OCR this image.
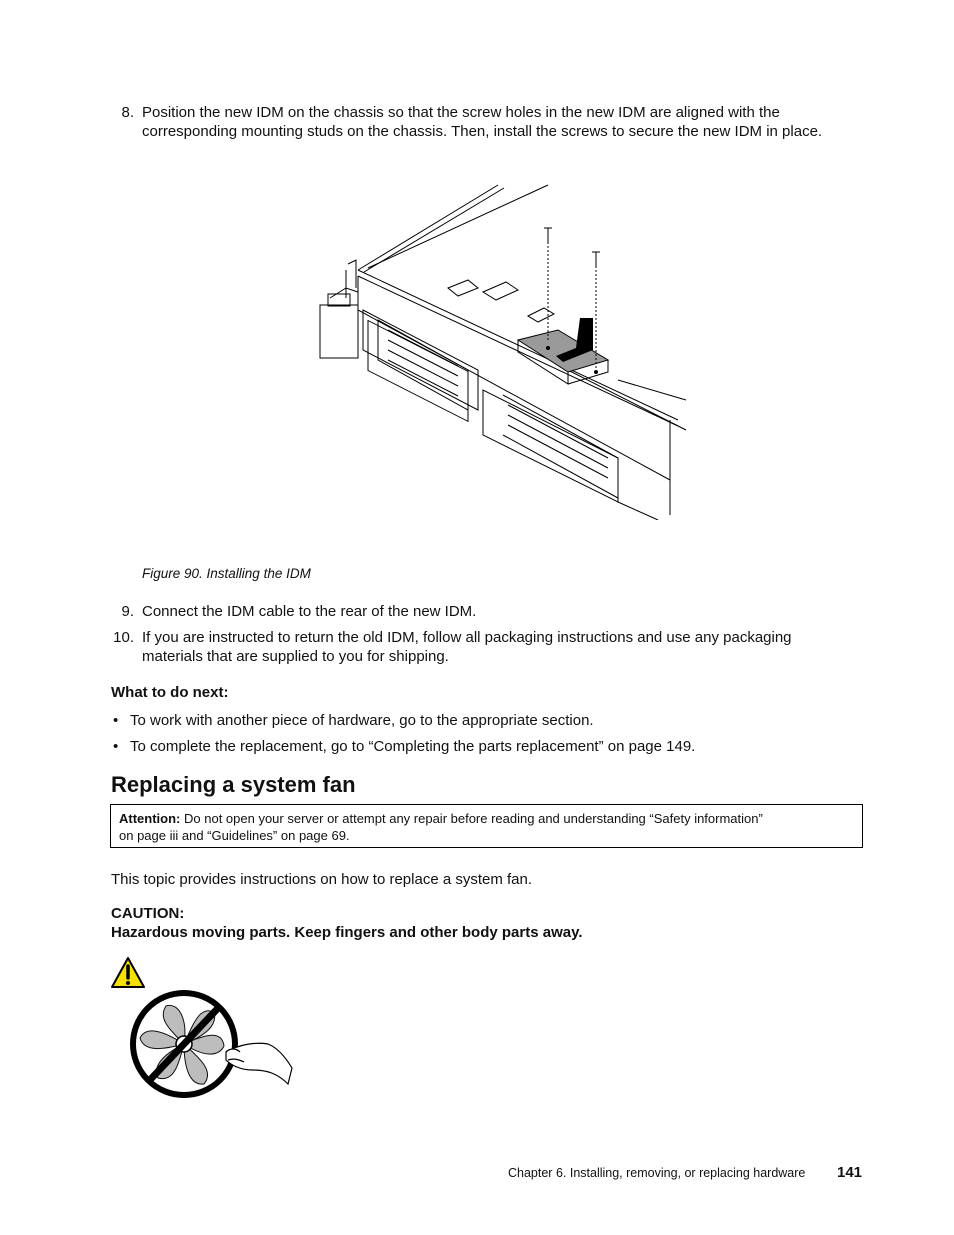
8. Position the new IDM on the chassis so that the screw holes in the new IDM are aligned with the
corresponding mounting studs on the chassis. Then, install the screws to secure the new IDM in place.
Figure 90. Installing the IDM
9. Connect the IDM cable to the rear of the new IDM.
10. If you are instructed to return the old IDM, follow all packaging instructions and use any packaging
materials that are supplied to you for shipping.
What to do next:
• To work with another piece of hardware, go to the appropriate section.
• To complete the replacement, go to “Completing the parts replacement” on page 149.
Replacing a system fan
Attention: Do not open your server or attempt any repair before reading and understanding “Safety information”
on page iii and “Guidelines” on page 69.
This topic provides instructions on how to replace a system fan.
CAUTION:
Hazardous moving parts. Keep fingers and other body parts away.
Chapter 6. Installing, removing, or replacing hardware 141
